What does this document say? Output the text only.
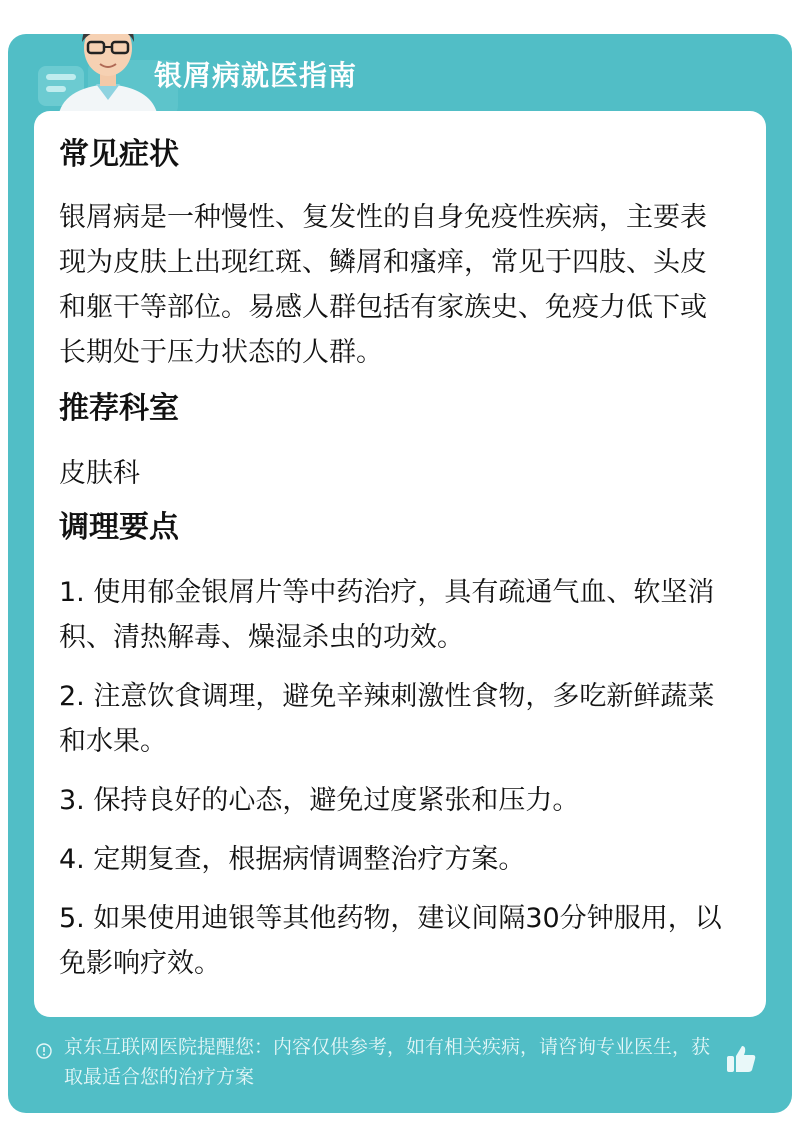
银屑病就医指南
常见症状

银屑病是一种慢性、复发性的自身免疫性疾病，主要表现为皮肤上出现红斑、鳞屑和瘙痒，常见于四肢、头皮和躯干等部位。易感人群包括有家族史、免疫力低下或长期处于压力状态的人群。

推荐科室

皮肤科

调理要点

1. 使用郁金银屑片等中药治疗，具有疏通气血、软坚消积、清热解毒、燥湿杀虫的功效。

2. 注意饮食调理，避免辛辣刺激性食物，多吃新鲜蔬菜和水果。

3. 保持良好的心态，避免过度紧张和压力。

4. 定期复查，根据病情调整治疗方案。

5. 如果使用迪银等其他药物，建议间隔30分钟服用，以免影响疗效。

京东互联网医院提醒您：内容仅供参考，如有相关疾病，请咨询专业医生，获取最适合您的治疗方案
